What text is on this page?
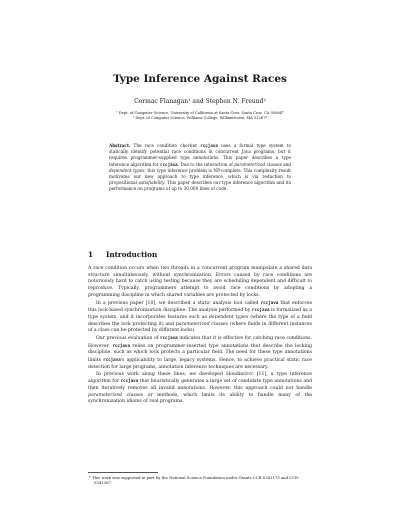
Type Inference Against Races
Cormac Flanagan¹ and Stephen N. Freund²
¹ Dept. of Computer Science, University of California at Santa Cruz, Santa Cruz, CA 95064*
² Dept. of Computer Science, Williams College, Williamstown, MA 01267*
Abstract. The race condition checker rccjava uses a formal type system to statically identify potential race conditions in concurrent Java programs, but it requires programmer-supplied type annotations. This paper describes a type inference algorithm for rccjava. Due to the interaction of parameterized classes and dependent types, this type inference problem is NP-complete. This complexity result motivates our new approach to type inference, which is via reduction to propositional satisfiability. This paper describes our type inference algorithm and its performance on programs of up to 30,000 lines of code.
1 Introduction

A race condition occurs when two threads in a concurrent program manipulate a shared data structure simultaneously, without synchronization. Errors caused by race conditions are notoriously hard to catch using testing because they are scheduling dependent and difficult to reproduce. Typically, programmers attempt to avoid race conditions by adopting a programming discipline in which shared variables are protected by locks.

In a previous paper [10], we described a static analysis tool called rccjava that enforces this lock-based synchronization discipline. The analysis performed by rccjava is formalized as a type system, and it incorporates features such as dependent types (where the type of a field describes the lock protecting it) and parameterized classes (where fields in different instances of a class can be protected by different locks).

Our previous evaluation of rccjava indicates that it is effective for catching race conditions. However, rccjava relies on programmer-inserted type annotations that describe the locking discipline, such as which lock protects a particular field. The need for these type annotations limits rccjava's applicability to large, legacy systems. Hence, to achieve practical static race detection for large programs, annotation inference techniques are necessary.

In previous work along these lines, we developed Houdini/rcc [11], a type inference algorithm for rccjava that heuristically generates a large set of candidate type annotations and then iteratively removes all invalid annotations. However, this approach could not handle parameterized classes or methods, which limits its ability to handle many of the synchronization idioms of real programs.

* This work was supported in part by the National Science Foundation under Grants CCR-0341179 and CCR-0341387.
